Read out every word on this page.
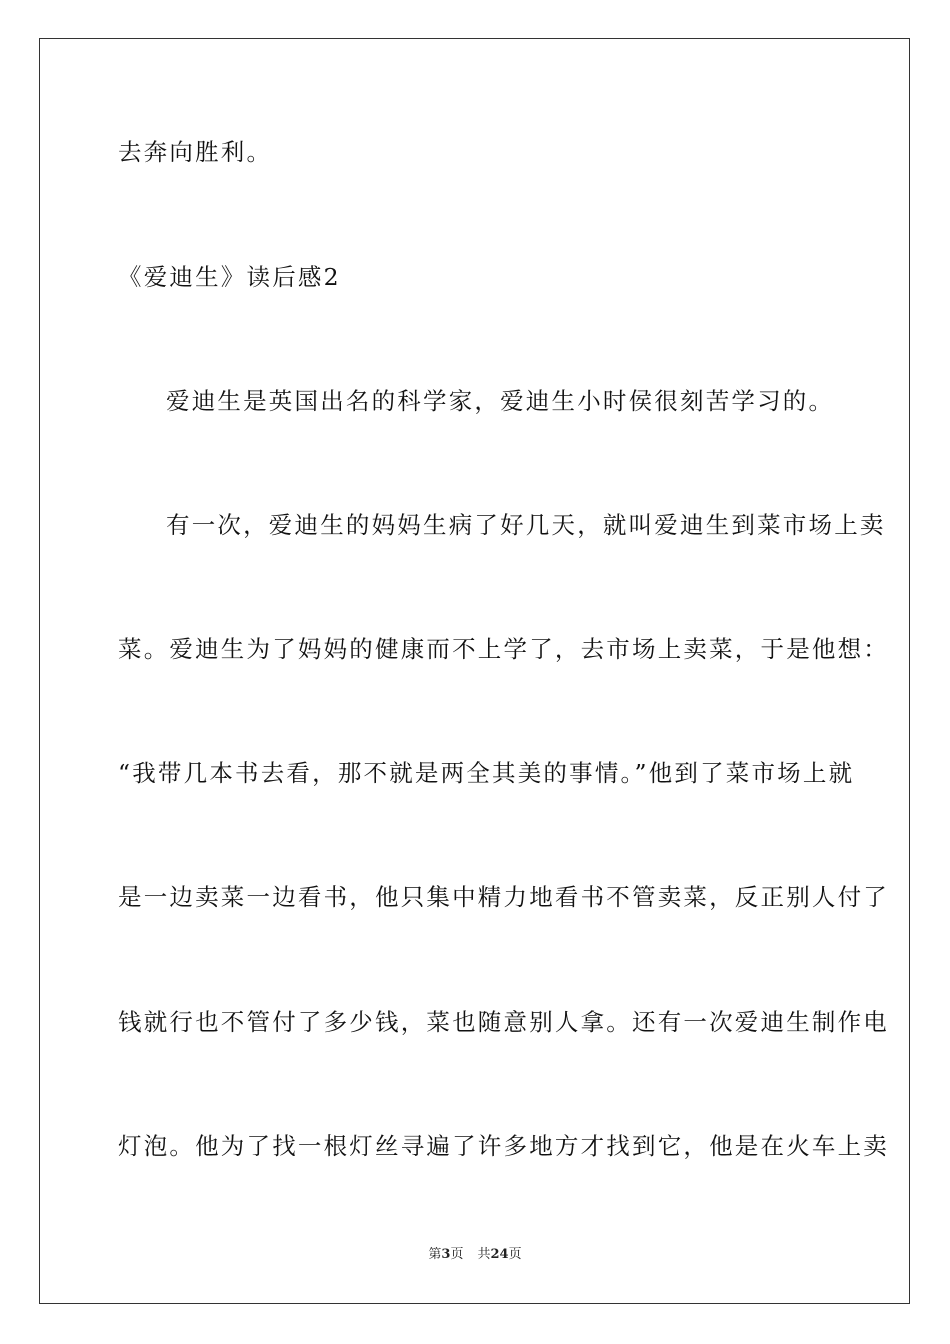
去奔向胜利。
《爱迪生》读后感2
爱迪生是英国出名的科学家，爱迪生小时侯很刻苦学习的。
有一次，爱迪生的妈妈生病了好几天，就叫爱迪生到菜市场上卖
菜。爱迪生为了妈妈的健康而不上学了，去市场上卖菜，于是他想：
“我带几本书去看，那不就是两全其美的事情。”他到了菜市场上就
是一边卖菜一边看书，他只集中精力地看书不管卖菜，反正别人付了
钱就行也不管付了多少钱，菜也随意别人拿。还有一次爱迪生制作电
灯泡。他为了找一根灯丝寻遍了许多地方才找到它，他是在火车上卖
第3页 共24页
